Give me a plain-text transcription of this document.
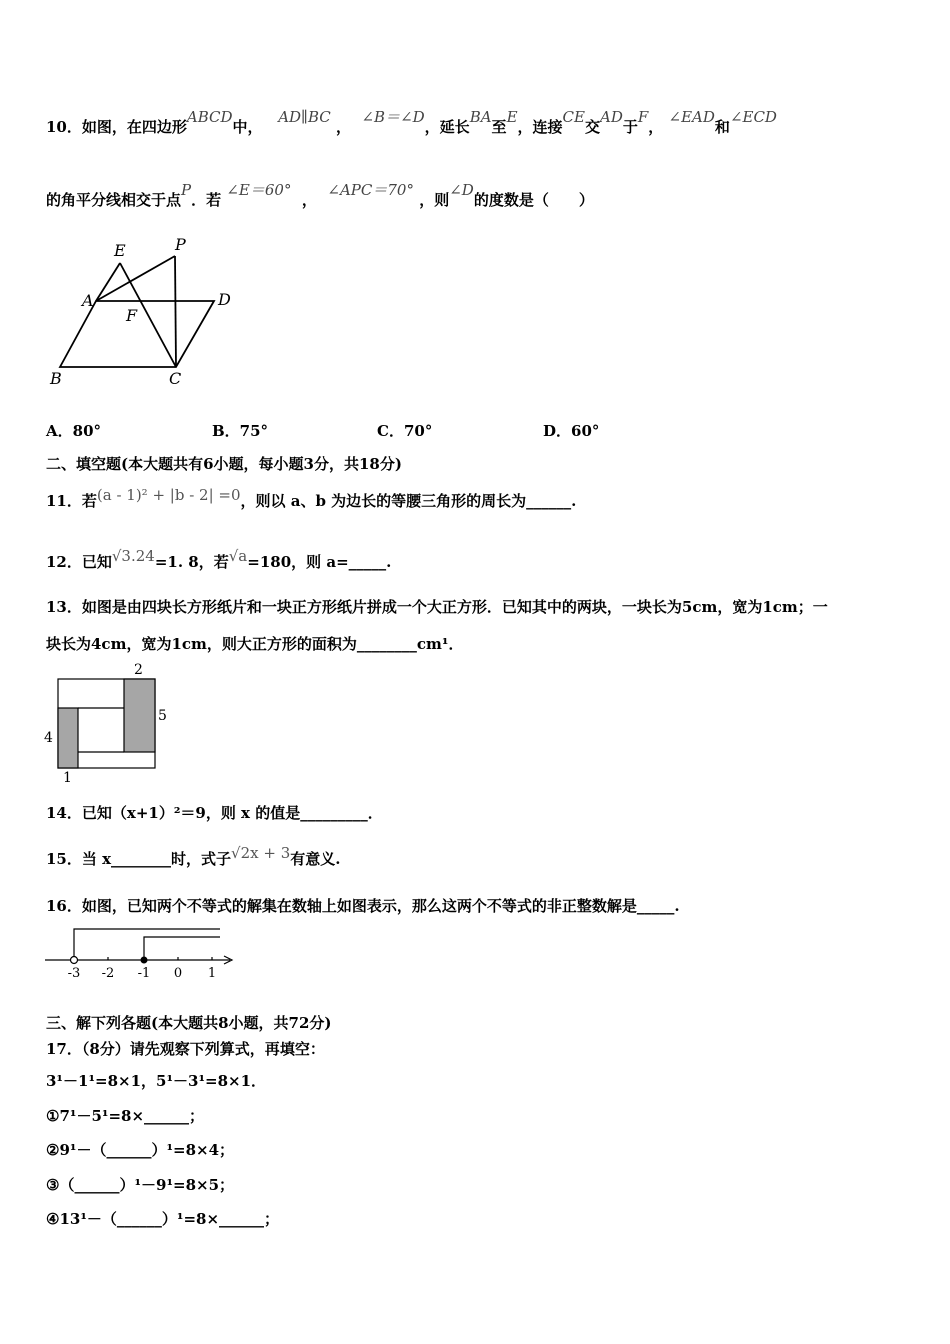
10．如图，在四边形ABCD中，   AD∥BC ，  ∠B＝∠D，延长BA至E，连接CE交AD于F， ∠EAD和∠ECD
的角平分线相交于点P．若 ∠E＝60°  ，  ∠APC＝70° ，则∠D的度数是（　　）
E	P
A	D
F
B	C
A．80°	B．75°	C．70°	D．60°
二、填空题(本大题共有6小题，每小题3分，共18分)
11．若(a - 1)² + |b - 2| =0，则以 a、b 为边长的等腰三角形的周长为______.
12．已知√3.24=1. 8，若√a=180，则 a=_____.
13．如图是由四块长方形纸片和一块正方形纸片拼成一个大正方形．已知其中的两块，一块长为5cm，宽为1cm；一
块长为4cm，宽为1cm，则大正方形的面积为________cm¹．
2
5
4
1
14．已知（x+1）²＝9，则 x 的值是_________．
15．当 x________时，式子√2x + 3有意义.
16．如图，已知两个不等式的解集在数轴上如图表示，那么这两个不等式的非正整数解是_____.
-3 -2 -1 0 1
三、解下列各题(本大题共8小题，共72分)
17．（8分）请先观察下列算式，再填空：
3¹－1¹=8×1，5¹－3¹=8×1．
①7¹－5¹=8×______；
②9¹－（______）¹=8×4；
③（______）¹－9¹=8×5；
④13¹－（______）¹=8×______；
